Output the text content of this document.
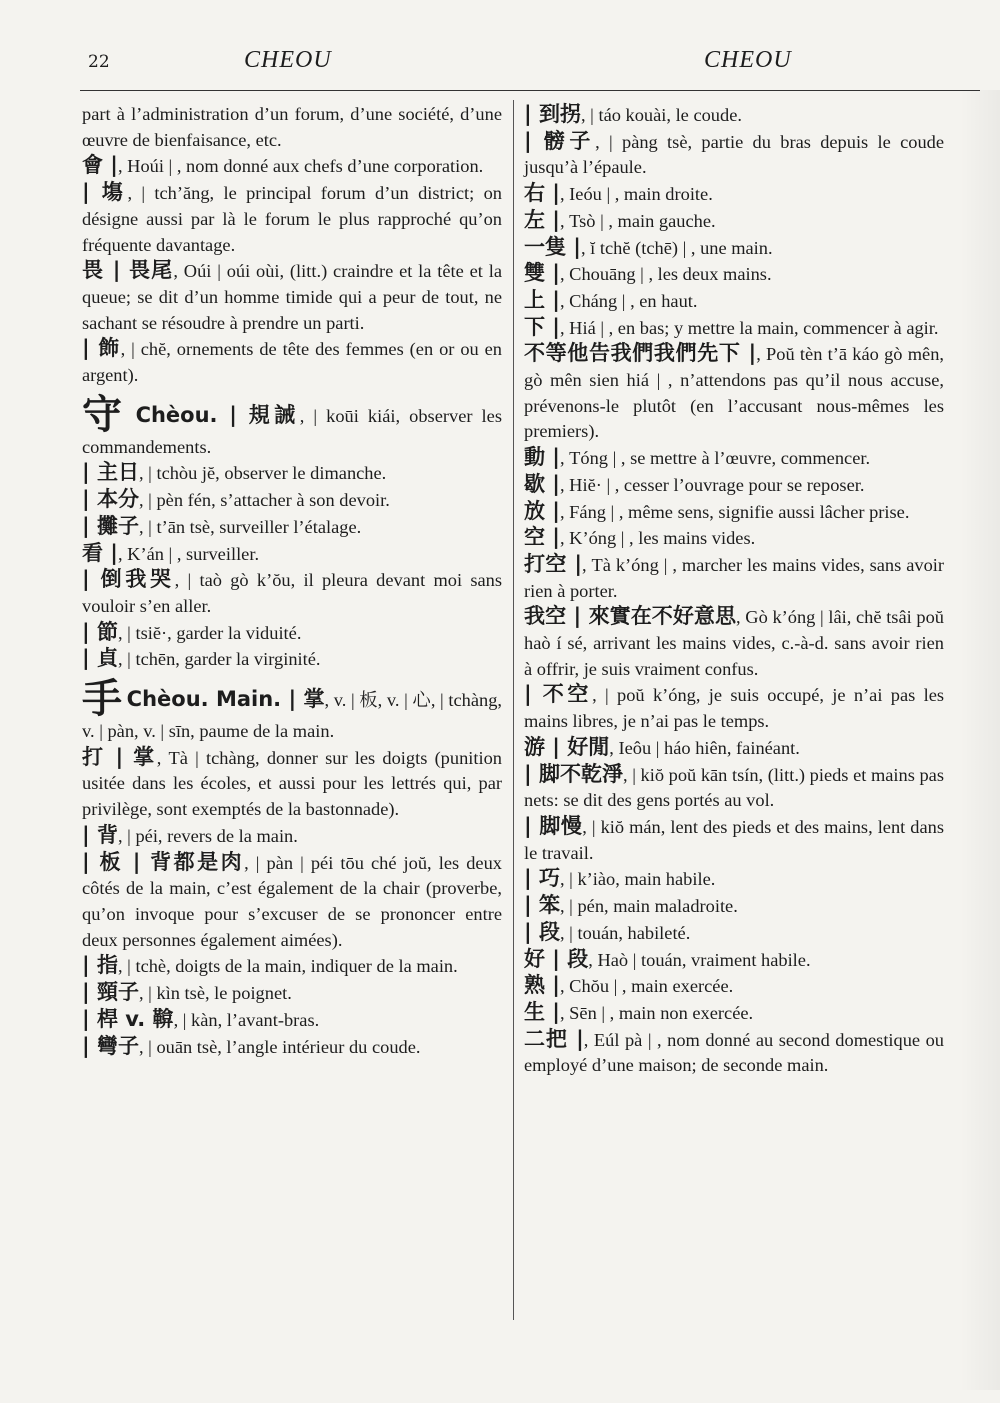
22	CHEOU	CHEOU

part à l’administration d’un forum, d’une société, d’une œuvre de bienfaisance, etc.

會 |, Hoúi | , nom donné aux chefs d’une corporation.

| 塲, | tch’ăng, le principal forum d’un district; on désigne aussi par là le forum le plus rapproché qu’on fréquente davantage.

畏 | 畏尾, Oúi | oúi oùi, (litt.) craindre et la tête et la queue; se dit d’un homme timide qui a peur de tout, ne sachant se résoudre à prendre un parti.

| 飾, | chĕ, ornements de tête des femmes (en or ou en argent).

守 Chèou. | 規誡, | koūi kiái, observer les commandements.

| 主日, | tchòu jĕ, observer le dimanche.

| 本分, | pèn fén, s’attacher à son devoir.

| 攤子, | t’ān tsè, surveiller l’étalage.

看 |, K’án | , surveiller.

| 倒我哭, | taò gò k’ŏu, il pleura devant moi sans vouloir s’en aller.

| 節, | tsiĕ·, garder la viduité.

| 貞, | tchēn, garder la virginité.

手 Chèou. Main. | 掌, v. | 板, v. | 心, | tchàng, v. | pàn, v. | sīn, paume de la main.

打 | 掌, Tà | tchàng, donner sur les doigts (punition usitée dans les écoles, et aussi pour les lettrés qui, par privilège, sont exemptés de la bastonnade).

| 背, | péi, revers de la main.

| 板 | 背都是肉, | pàn | péi tōu ché joŭ, les deux côtés de la main, c’est également de la chair (proverbe, qu’on invoque pour s’excuser de se prononcer entre deux personnes également aimées).

| 指, | tchè, doigts de la main, indiquer de la main.

| 頸子, | kìn tsè, le poignet.

| 桿 v. 鞥, | kàn, l’avant-bras.

| 彎子, | ouān tsè, l’angle intérieur du coude.

| 到拐, | táo kouài, le coude.

| 髈子, | pàng tsè, partie du bras depuis le coude jusqu’à l’épaule.

右 |, Ieóu | , main droite.

左 |, Tsò | , main gauche.

一隻 |, ĭ tchĕ (tchē) | , une main.

雙 |, Chouāng | , les deux mains.

上 |, Cháng | , en haut.

下 |, Hiá | , en bas; y mettre la main, commencer à agir.

不等他告我們我們先下 |, Poŭ tèn t’ā káo gò mên, gò mên sien hiá | , n’attendons pas qu’il nous accuse, prévenons-le plutôt (en l’accusant nous-mêmes les premiers).

動 |, Tóng | , se mettre à l’œuvre, commencer.

歇 |, Hiĕ· | , cesser l’ouvrage pour se reposer.

放 |, Fáng | , même sens, signifie aussi lâcher prise.

空 |, K’óng | , les mains vides.

打空 |, Tà k’óng | , marcher les mains vides, sans avoir rien à porter.

我空 | 來實在不好意思, Gò k’óng | lâi, chĕ tsâi poŭ haò í sé, arrivant les mains vides, c.-à-d. sans avoir rien à offrir, je suis vraiment confus.

| 不空, | poŭ k’óng, je suis occupé, je n’ai pas les mains libres, je n’ai pas le temps.

游 | 好閒, Ieôu | háo hiên, fainéant.

| 脚不乾淨, | kiŏ poŭ kān tsín, (litt.) pieds et mains pas nets: se dit des gens portés au vol.

| 脚慢, | kiŏ mán, lent des pieds et des mains, lent dans le travail.

| 巧, | k’iào, main habile.

| 笨, | pén, main maladroite.

| 段, | touán, habileté.

好 | 段, Haò | touán, vraiment habile.

熟 |, Chŏu | , main exercée.

生 |, Sēn | , main non exercée.

二把 |, Eúl pà | , nom donné au second domestique ou employé d’une maison; de seconde main.
